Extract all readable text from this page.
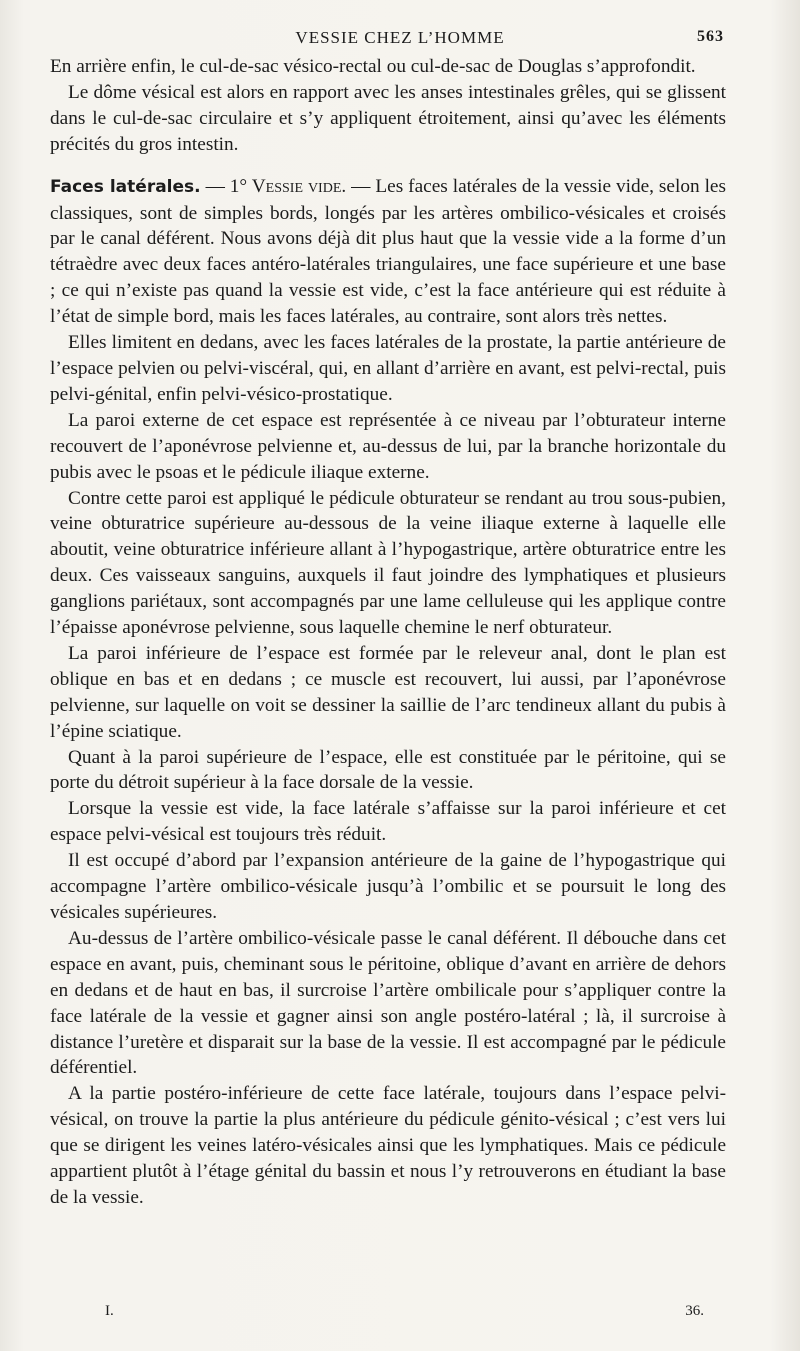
VESSIE CHEZ L’HOMME	563

En arrière enfin, le cul-de-sac vésico-rectal ou cul-de-sac de Douglas s’approfondit.

Le dôme vésical est alors en rapport avec les anses intestinales grêles, qui se glissent dans le cul-de-sac circulaire et s’y appliquent étroitement, ainsi qu’avec les éléments précités du gros intestin.

Faces latérales. — 1° Vessie vide. — Les faces latérales de la vessie vide, selon les classiques, sont de simples bords, longés par les artères ombilico-vésicales et croisés par le canal déférent. Nous avons déjà dit plus haut que la vessie vide a la forme d’un tétraèdre avec deux faces antéro-latérales triangulaires, une face supérieure et une base ; ce qui n’existe pas quand la vessie est vide, c’est la face antérieure qui est réduite à l’état de simple bord, mais les faces latérales, au contraire, sont alors très nettes.

Elles limitent en dedans, avec les faces latérales de la prostate, la partie antérieure de l’espace pelvien ou pelvi-viscéral, qui, en allant d’arrière en avant, est pelvi-rectal, puis pelvi-génital, enfin pelvi-vésico-prostatique.

La paroi externe de cet espace est représentée à ce niveau par l’obturateur interne recouvert de l’aponévrose pelvienne et, au-dessus de lui, par la branche horizontale du pubis avec le psoas et le pédicule iliaque externe.

Contre cette paroi est appliqué le pédicule obturateur se rendant au trou sous-pubien, veine obturatrice supérieure au-dessous de la veine iliaque externe à laquelle elle aboutit, veine obturatrice inférieure allant à l’hypogastrique, artère obturatrice entre les deux. Ces vaisseaux sanguins, auxquels il faut joindre des lymphatiques et plusieurs ganglions pariétaux, sont accompagnés par une lame celluleuse qui les applique contre l’épaisse aponévrose pelvienne, sous laquelle chemine le nerf obturateur.

La paroi inférieure de l’espace est formée par le releveur anal, dont le plan est oblique en bas et en dedans ; ce muscle est recouvert, lui aussi, par l’aponévrose pelvienne, sur laquelle on voit se dessiner la saillie de l’arc tendineux allant du pubis à l’épine sciatique.

Quant à la paroi supérieure de l’espace, elle est constituée par le péritoine, qui se porte du détroit supérieur à la face dorsale de la vessie.

Lorsque la vessie est vide, la face latérale s’affaisse sur la paroi inférieure et cet espace pelvi-vésical est toujours très réduit.

Il est occupé d’abord par l’expansion antérieure de la gaine de l’hypogastrique qui accompagne l’artère ombilico-vésicale jusqu’à l’ombilic et se poursuit le long des vésicales supérieures.

Au-dessus de l’artère ombilico-vésicale passe le canal déférent. Il débouche dans cet espace en avant, puis, cheminant sous le péritoine, oblique d’avant en arrière de dehors en dedans et de haut en bas, il surcroise l’artère ombilicale pour s’appliquer contre la face latérale de la vessie et gagner ainsi son angle postéro-latéral ; là, il surcroise à distance l’uretère et disparait sur la base de la vessie. Il est accompagné par le pédicule déférentiel.

A la partie postéro-inférieure de cette face latérale, toujours dans l’espace pelvi-vésical, on trouve la partie la plus antérieure du pédicule génito-vésical ; c’est vers lui que se dirigent les veines latéro-vésicales ainsi que les lymphatiques. Mais ce pédicule appartient plutôt à l’étage génital du bassin et nous l’y retrouverons en étudiant la base de la vessie.

I.	36.
